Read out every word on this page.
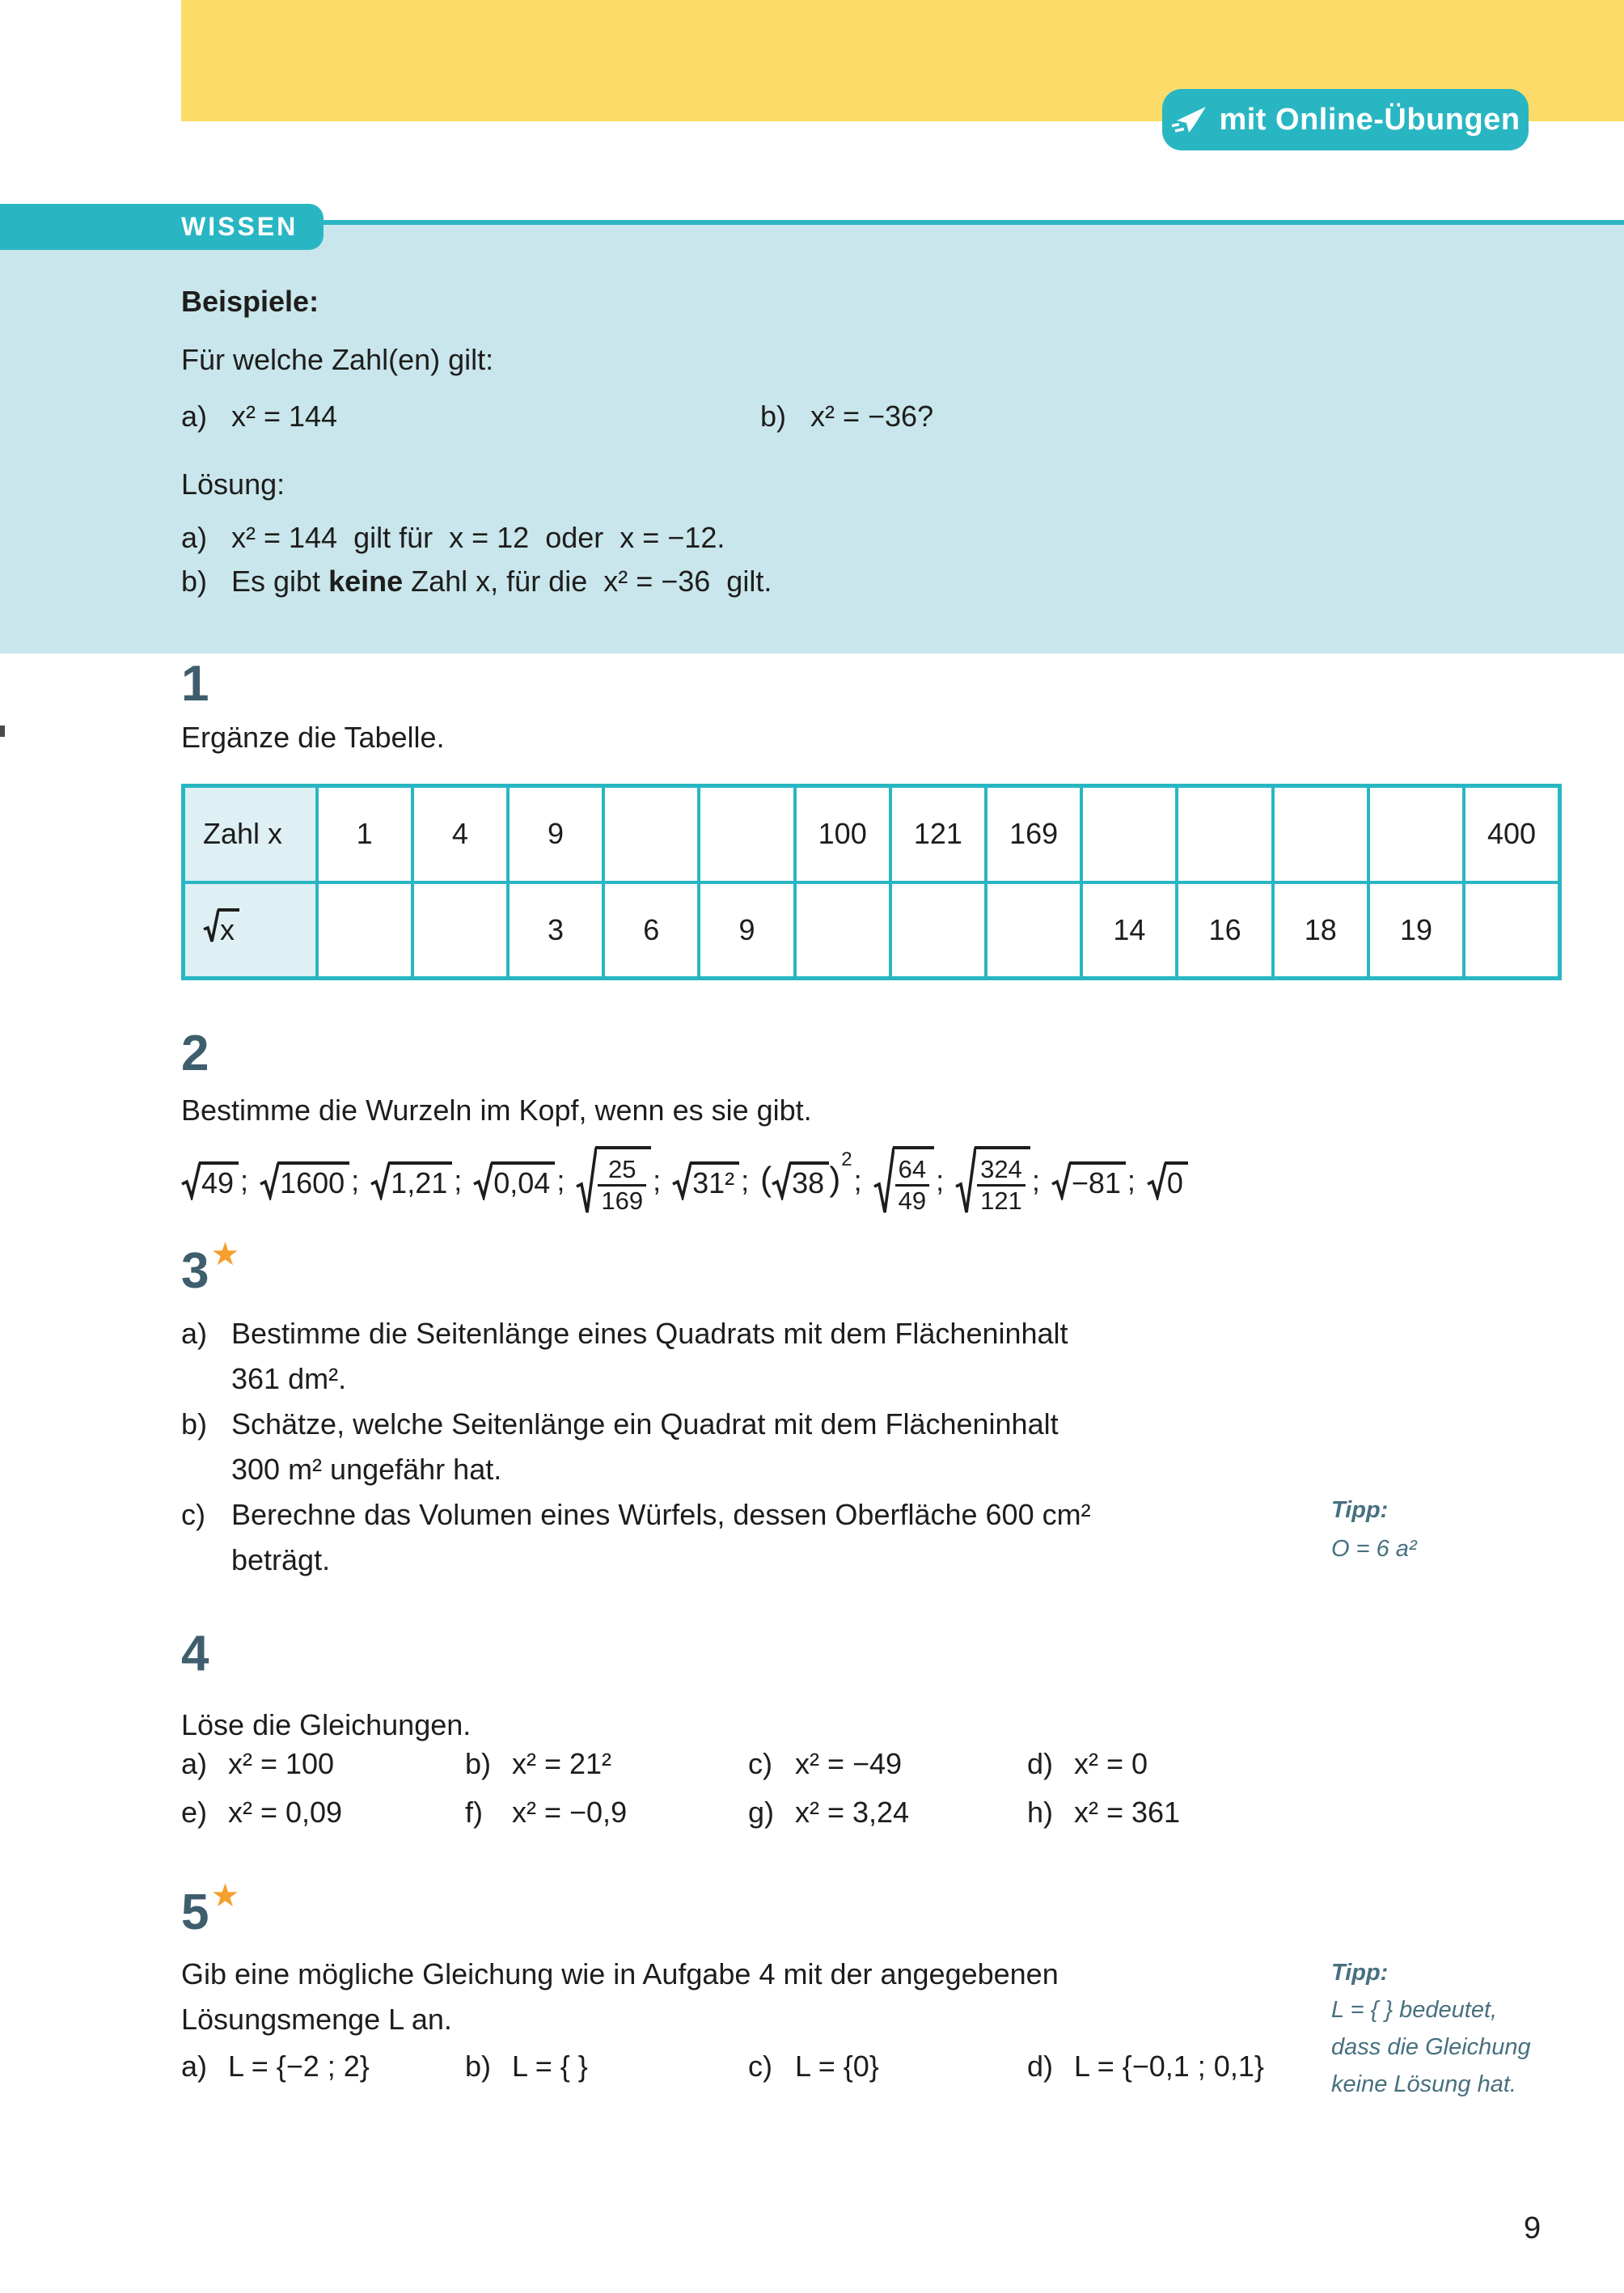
mit Online-Übungen
WISSEN
Beispiele:
Für welche Zahl(en) gilt:
a) x² = 144	b) x² = −36?
Lösung:
a) x² = 144  gilt für  x = 12  oder  x = −12.
b) Es gibt keine Zahl x, für die  x² = −36  gilt.
1
Ergänze die Tabelle.
Zahl x	1	4	9			100	121	169					400

x			3	6	9				14	16	18	19	
2
Bestimme die Wurzeln im Kopf, wenn es sie gibt.
49 ; 1600 ; 1,21 ; 0,04 ; $\frac{25}{169}$ ; 31² ; ( 38 )
2
; $\frac{64}{49}$ ; $\frac{324}{121}$ ; −81 ; 0
3 ★
a) Bestimme die Seitenlänge eines Quadrats mit dem Flächeninhalt
361 dm².
b) Schätze, welche Seitenlänge ein Quadrat mit dem Flächeninhalt
300 m² ungefähr hat.
c) Berechne das Volumen eines Würfels, dessen Oberfläche 600 cm²
beträgt.
Tipp:
O = 6 a²
4
Löse die Gleichungen.
a) x² = 100	b) x² = 21²	c) x² = −49	d) x² = 0
e) x² = 0,09	f) x² = −0,9	g) x² = 3,24	h) x² = 361
5 ★
Gib eine mögliche Gleichung wie in Aufgabe 4 mit der angegebenen
Lösungsmenge L an.
a) L = {−2 ; 2}	b) L = { }	c) L = {0}	d) L = {−0,1 ; 0,1}
Tipp:
L = { } bedeutet,
dass die Gleichung
keine Lösung hat.
9
